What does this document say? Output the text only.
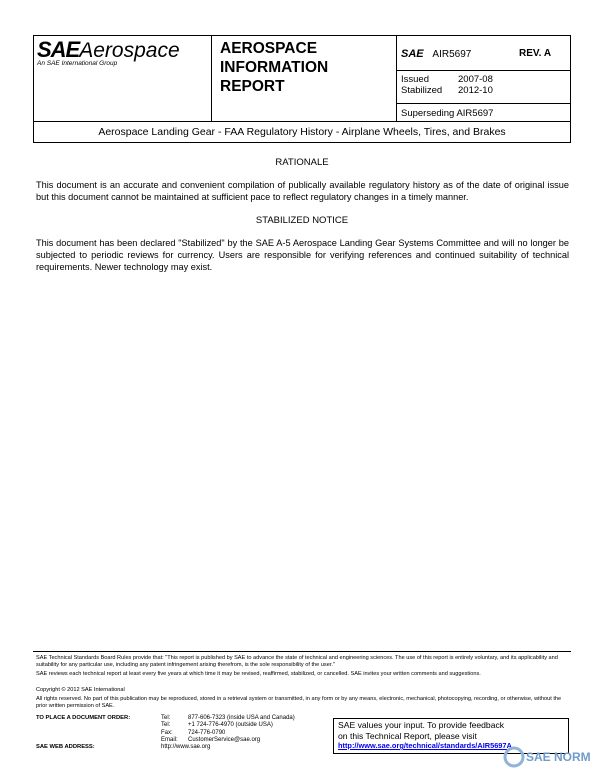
SAEAerospace
An SAE International Group
AEROSPACE
INFORMATION
REPORT
SAE AIR5697	REV. A
Issued	2007-08
Stabilized 2012-10
Superseding AIR5697
Aerospace Landing Gear - FAA Regulatory History - Airplane Wheels, Tires, and Brakes
RATIONALE
This document is an accurate and convenient compilation of publically available regulatory history as of the date of original issue but this document cannot be maintained at sufficient pace to reflect regulatory changes in a timely manner.
STABILIZED NOTICE
This document has been declared "Stabilized" by the SAE A-5 Aerospace Landing Gear Systems Committee and will no longer be subjected to periodic reviews for currency. Users are responsible for verifying references and continued suitability of technical requirements. Newer technology may exist.
SAE Technical Standards Board Rules provide that: "This report is published by SAE to advance the state of technical and engineering sciences. The use of this report is entirely voluntary, and its applicability and suitability for any particular use, including any patent infringement arising therefrom, is the sole responsibility of the user."
SAE reviews each technical report at least every five years at which time it may be revised, reaffirmed, stabilized, or cancelled. SAE invites your written comments and suggestions.
Copyright © 2012 SAE International
All rights reserved. No part of this publication may be reproduced, stored in a retrieval system or transmitted, in any form or by any means, electronic, mechanical, photocopying, recording, or otherwise, without the prior written permission of SAE.
TO PLACE A DOCUMENT ORDER:	Tel:	877-606-7323 (inside USA and Canada)
Tel:	+1 724-776-4970 (outside USA)
Fax:	724-776-0790
Email: CustomerService@sae.org
SAE WEB ADDRESS:	http://www.sae.org
SAE values your input. To provide feedback
on this Technical Report, please visit
http://www.sae.org/technical/standards/AIR5697A
SAE NORM
